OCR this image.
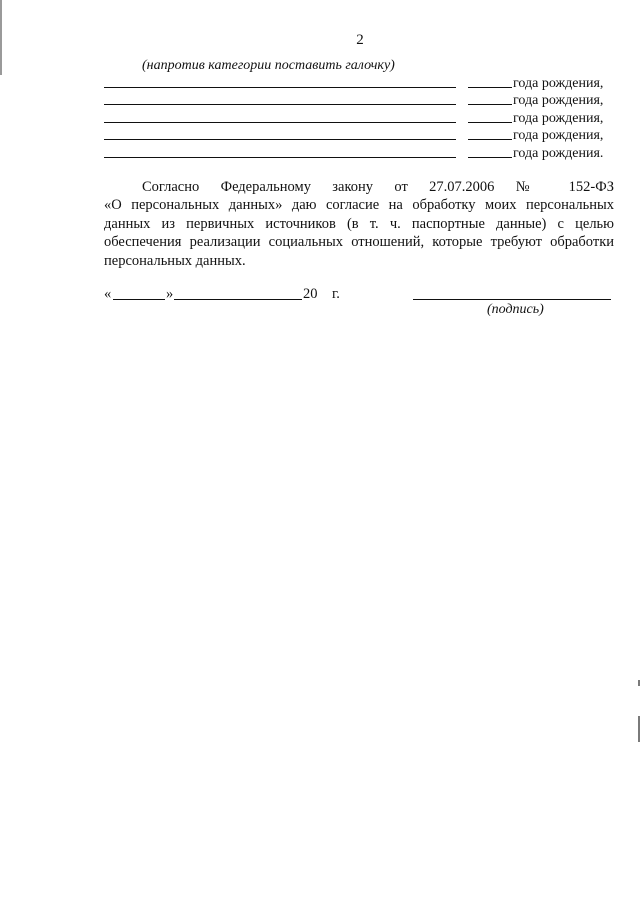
2
(напротив категории поставить галочку)
года рождения,
года рождения,
года рождения,
года рождения,
года рождения.

Согласно Федеральному закону от 27.07.2006 № 152-ФЗ
«О персональных данных» даю согласие на обработку моих персональных данных из первичных источников (в т. ч. паспортные данные) с целью обеспечения реализации социальных отношений, которые требуют обработки персональных данных.

«	»	20 г.
(подпись)
